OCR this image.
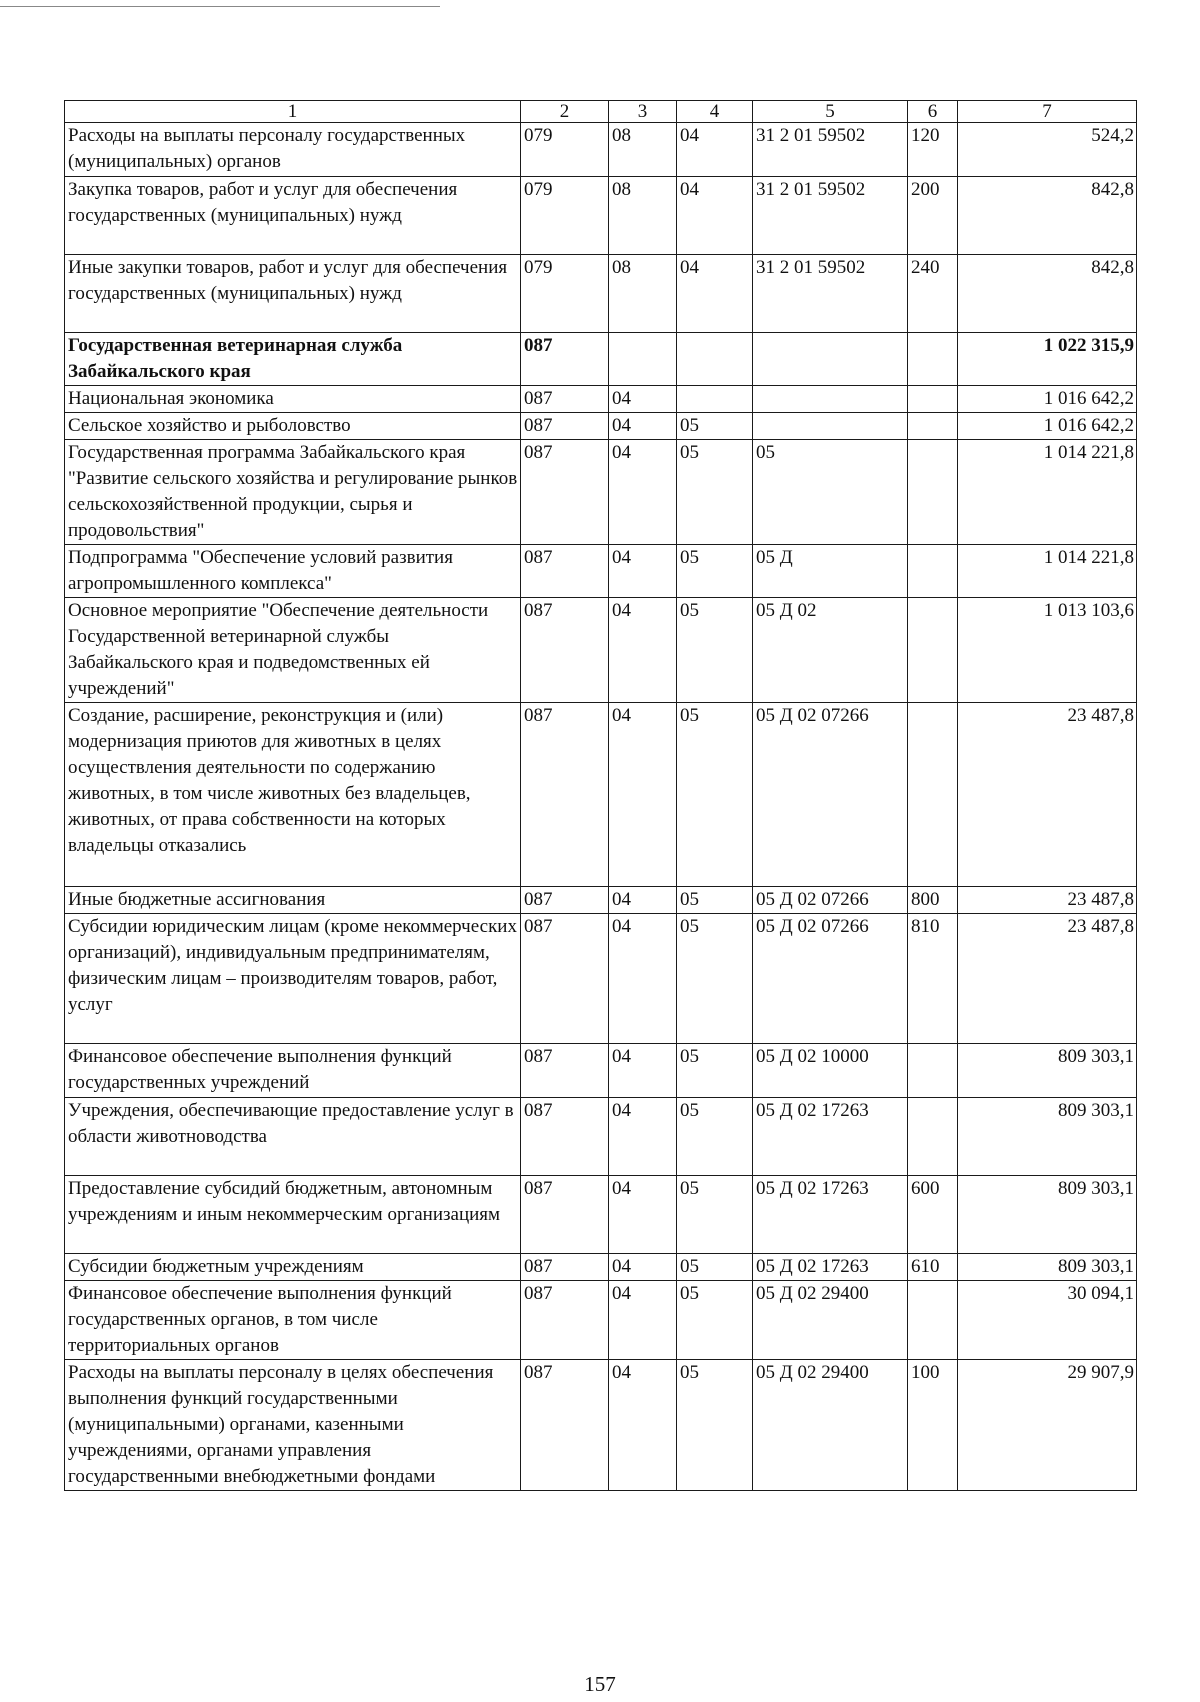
1	2	3	4	5	6	7
Расходы на выплаты персоналу государственных (муниципальных) органов	079	08	04	31 2 01 59502	120	524,2
Закупка товаров, работ и услуг для обеспечения государственных (муниципальных) нужд	079	08	04	31 2 01 59502	200	842,8
Иные закупки товаров, работ и услуг для обеспечения государственных (муниципальных) нужд	079	08	04	31 2 01 59502	240	842,8
Государственная ветеринарная служба Забайкальского края	087					1 022 315,9
Национальная экономика	087	04				1 016 642,2
Сельское хозяйство и рыболовство	087	04	05			1 016 642,2
Государственная программа Забайкальского края "Развитие сельского хозяйства и регулирование рынков сельскохозяйственной продукции, сырья и продовольствия"	087	04	05	05		1 014 221,8
Подпрограмма "Обеспечение условий развития агропромышленного комплекса"	087	04	05	05 Д		1 014 221,8
Основное мероприятие "Обеспечение деятельности Государственной ветеринарной службы Забайкальского края и подведомственных ей учреждений"	087	04	05	05 Д 02		1 013 103,6
Создание, расширение, реконструкция и (или) модернизация приютов для животных в целях осуществления деятельности по содержанию животных, в том числе животных без владельцев, животных, от права собственности на которых владельцы отказались	087	04	05	05 Д 02 07266		23 487,8
Иные бюджетные ассигнования	087	04	05	05 Д 02 07266	800	23 487,8
Субсидии юридическим лицам (кроме некоммерческих организаций), индивидуальным предпринимателям, физическим лицам – производителям товаров, работ, услуг	087	04	05	05 Д 02 07266	810	23 487,8
Финансовое обеспечение выполнения функций государственных учреждений	087	04	05	05 Д 02 10000		809 303,1
Учреждения, обеспечивающие предоставление услуг в области животноводства	087	04	05	05 Д 02 17263		809 303,1
Предоставление субсидий бюджетным, автономным учреждениям и иным некоммерческим организациям	087	04	05	05 Д 02 17263	600	809 303,1
Субсидии бюджетным учреждениям	087	04	05	05 Д 02 17263	610	809 303,1
Финансовое обеспечение выполнения функций государственных органов, в том числе территориальных органов	087	04	05	05 Д 02 29400		30 094,1
Расходы на выплаты персоналу в целях обеспечения выполнения функций государственными (муниципальными) органами, казенными учреждениями, органами управления государственными внебюджетными фондами	087	04	05	05 Д 02 29400	100	29 907,9
157
